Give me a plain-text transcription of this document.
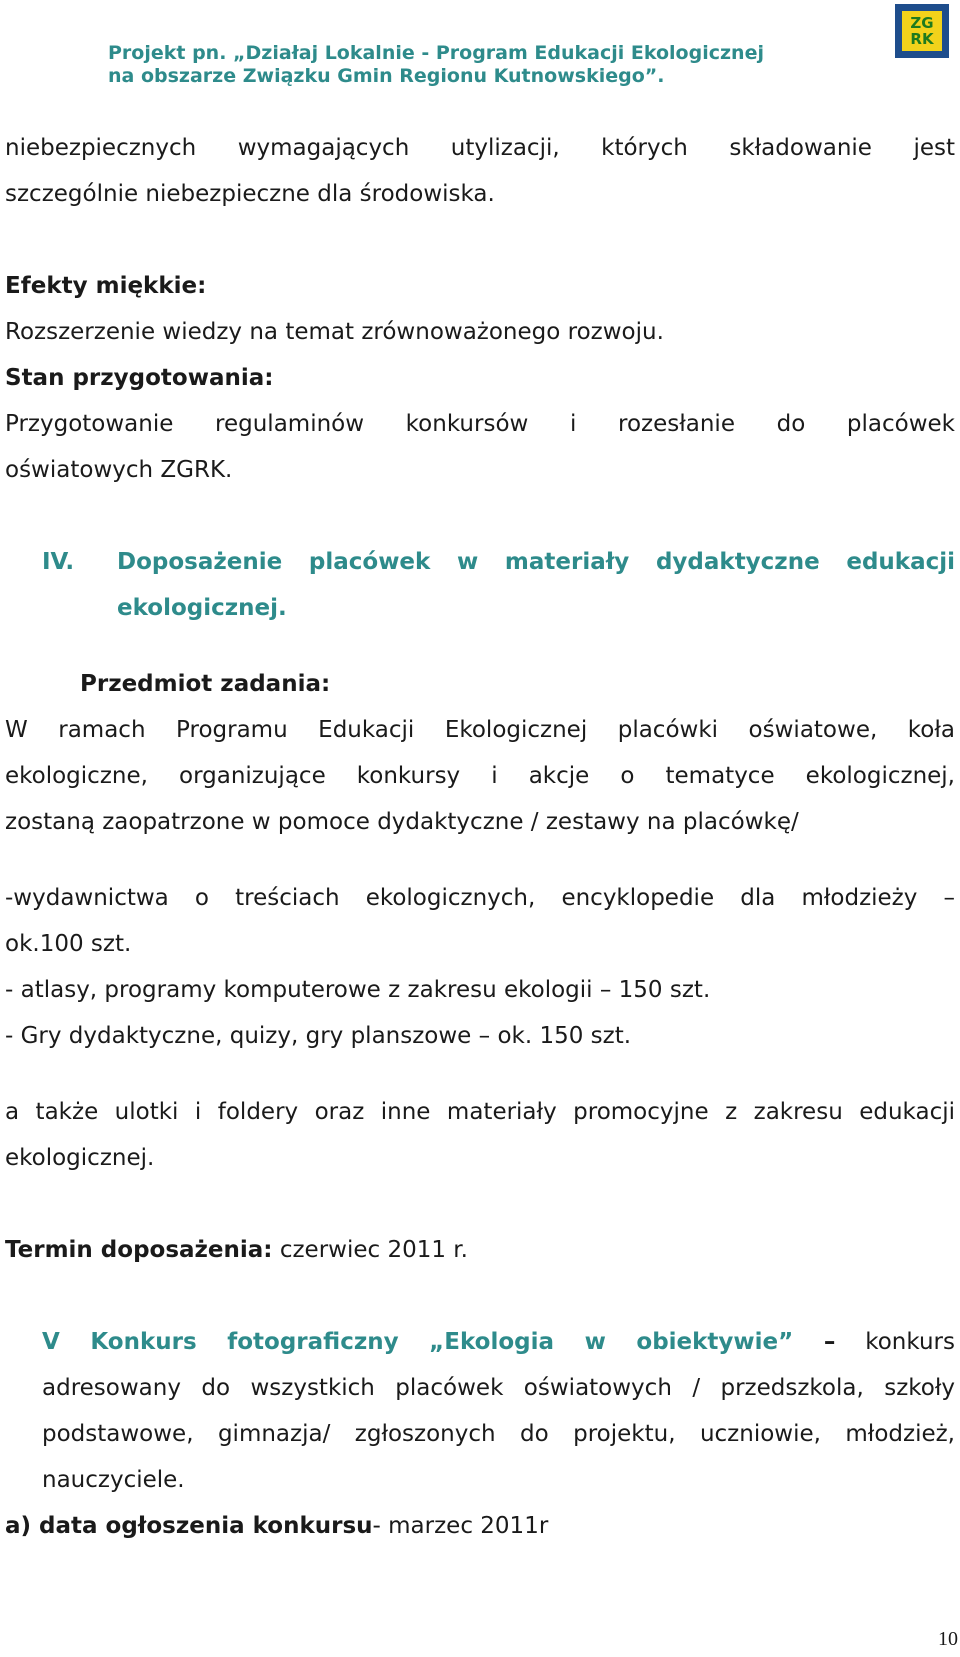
Projekt pn. „Działaj Lokalnie - Program Edukacji Ekologicznej
na obszarze Związku Gmin Regionu Kutnowskiego”.
ZG
RK

niebezpiecznych wymagających utylizacji, których składowanie jest

szczególnie niebezpieczne dla środowiska.

Efekty miękkie:

Rozszerzenie wiedzy na temat zrównoważonego rozwoju.

Stan przygotowania:

Przygotowanie regulaminów konkursów i rozesłanie do placówek

oświatowych ZGRK.

IV.	Doposażenie placówek w materiały dydaktyczne edukacji

ekologicznej.

Przedmiot zadania:

W ramach Programu Edukacji Ekologicznej placówki oświatowe, koła

ekologiczne, organizujące konkursy i akcje o tematyce ekologicznej,

zostaną zaopatrzone w pomoce dydaktyczne / zestawy na placówkę/

-wydawnictwa o treściach ekologicznych, encyklopedie dla młodzieży –

ok.100 szt.

- atlasy, programy komputerowe z zakresu ekologii – 150 szt.

- Gry dydaktyczne, quizy, gry planszowe – ok. 150 szt.

a także ulotki i foldery oraz inne materiały promocyjne z zakresu edukacji

ekologicznej.

Termin doposażenia: czerwiec 2011 r.

V Konkurs fotograficzny „Ekologia w obiektywie” – konkurs

adresowany do wszystkich placówek oświatowych / przedszkola, szkoły

podstawowe, gimnazja/ zgłoszonych do projektu, uczniowie, młodzież,

nauczyciele.

a) data ogłoszenia konkursu- marzec 2011r

10
